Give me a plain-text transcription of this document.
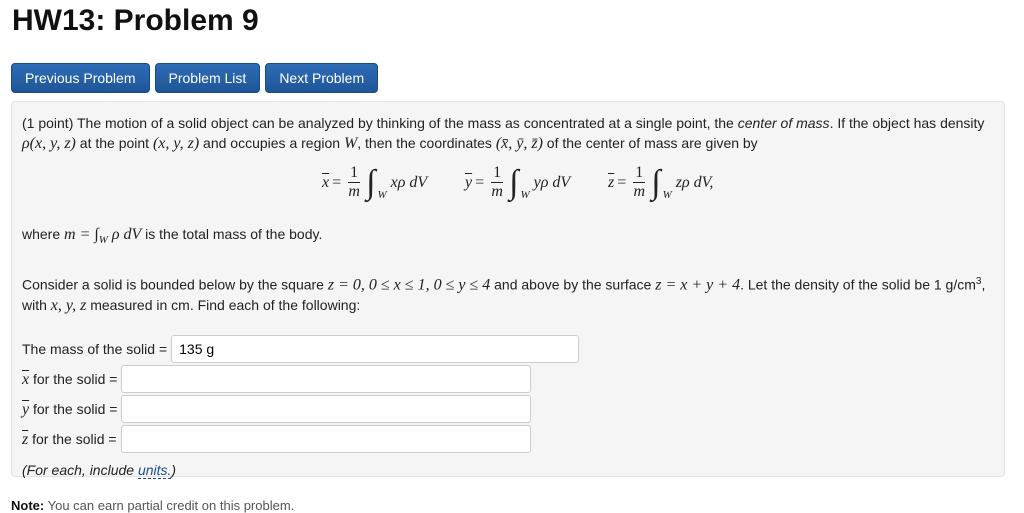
HW13: Problem 9
Previous Problem	Problem List	Next Problem

(1 point) The motion of a solid object can be analyzed by thinking of the mass as concentrated at a single point, the center of mass. If the object has density ρ(x, y, z) at the point (x, y, z) and occupies a region W, then the coordinates (x̄, ȳ, z̄) of the center of mass are given by

$\overline{x} = \frac{1}{m}$ ∫ W
xρ dV $\overline{y} = \frac{1}{m}$ ∫ W
yρ dV $\overline{z} = \frac{1}{m}$ ∫ W
zρ dV,

where $m = \int_W$ ρ dV is the total mass of the body.

Consider a solid is bounded below by the square z = 0, 0 ≤ x ≤ 1, 0 ≤ y ≤ 4 and above by the surface z = x + y + 4. Let the density of the solid be 1 $g/cm^3$, with x, y, z measured in cm. Find each of the following:

The mass of the solid =
135 g
$\overline{x}$ for the solid =
$\overline{y}$ for the solid =
$\overline{z}$ for the solid =
(For each, include units.)
Note: You can earn partial credit on this problem.
